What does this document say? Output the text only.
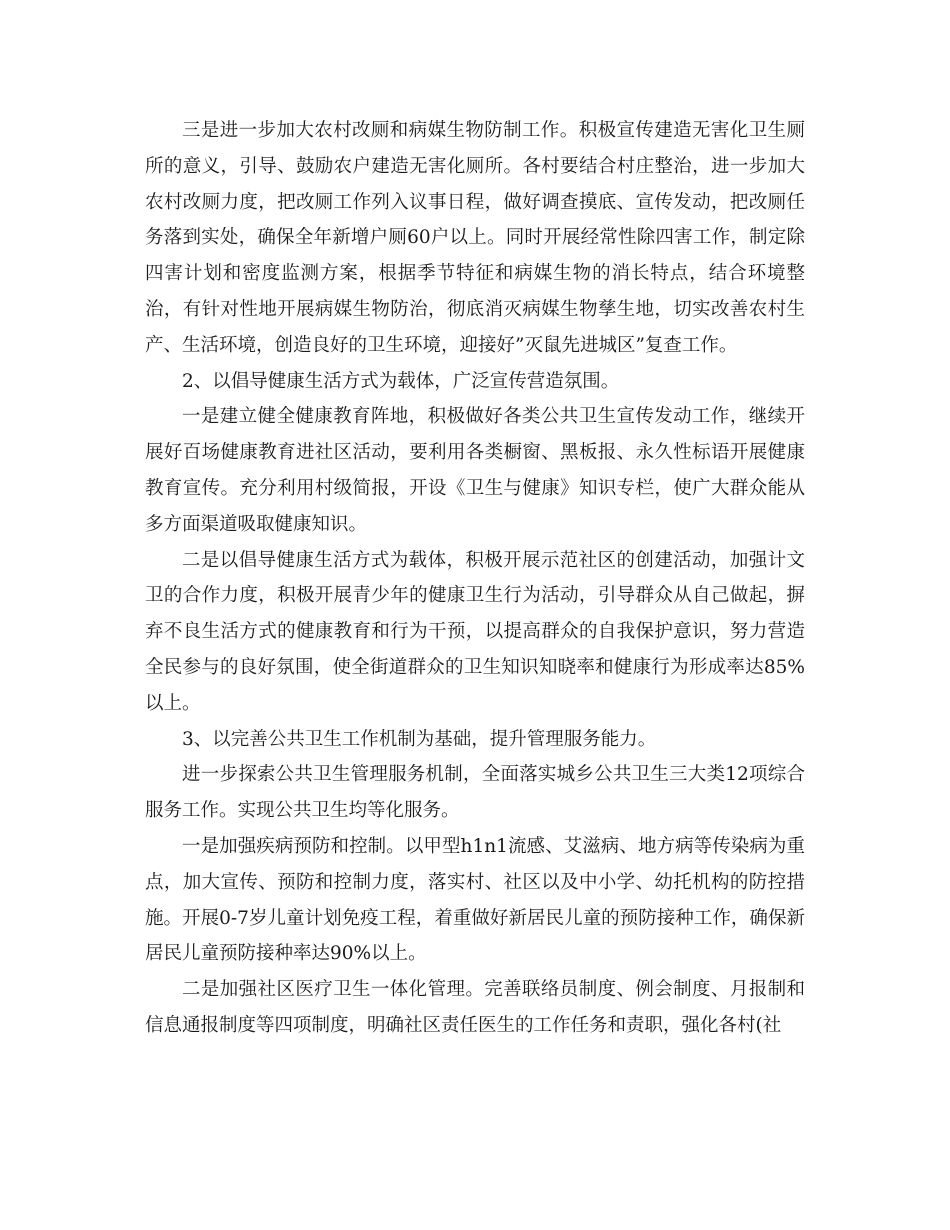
三是进一步加大农村改厕和病媒生物防制工作。积极宣传建造无害化卫生厕所的意义，引导、鼓励农户建造无害化厕所。各村要结合村庄整治，进一步加大农村改厕力度，把改厕工作列入议事日程，做好调查摸底、宣传发动，把改厕任务落到实处，确保全年新增户厕60户以上。同时开展经常性除四害工作，制定除四害计划和密度监测方案，根据季节特征和病媒生物的消长特点，结合环境整治，有针对性地开展病媒生物防治，彻底消灭病媒生物孳生地，切实改善农村生产、生活环境，创造良好的卫生环境，迎接好”灭鼠先进城区”复查工作。

2、以倡导健康生活方式为载体，广泛宣传营造氛围。

一是建立健全健康教育阵地，积极做好各类公共卫生宣传发动工作，继续开展好百场健康教育进社区活动，要利用各类橱窗、黑板报、永久性标语开展健康教育宣传。充分利用村级简报，开设《卫生与健康》知识专栏，使广大群众能从多方面渠道吸取健康知识。

二是以倡导健康生活方式为载体，积极开展示范社区的创建活动，加强计文卫的合作力度，积极开展青少年的健康卫生行为活动，引导群众从自己做起，摒弃不良生活方式的健康教育和行为干预，以提高群众的自我保护意识，努力营造全民参与的良好氛围，使全街道群众的卫生知识知晓率和健康行为形成率达85%以上。

3、以完善公共卫生工作机制为基础，提升管理服务能力。

进一步探索公共卫生管理服务机制，全面落实城乡公共卫生三大类12项综合服务工作。实现公共卫生均等化服务。

一是加强疾病预防和控制。以甲型h1n1流感、艾滋病、地方病等传染病为重点，加大宣传、预防和控制力度，落实村、社区以及中小学、幼托机构的防控措施。开展0-7岁儿童计划免疫工程，着重做好新居民儿童的预防接种工作，确保新居民儿童预防接种率达90%以上。

二是加强社区医疗卫生一体化管理。完善联络员制度、例会制度、月报制和信息通报制度等四项制度，明确社区责任医生的工作任务和责职，强化各村(社
